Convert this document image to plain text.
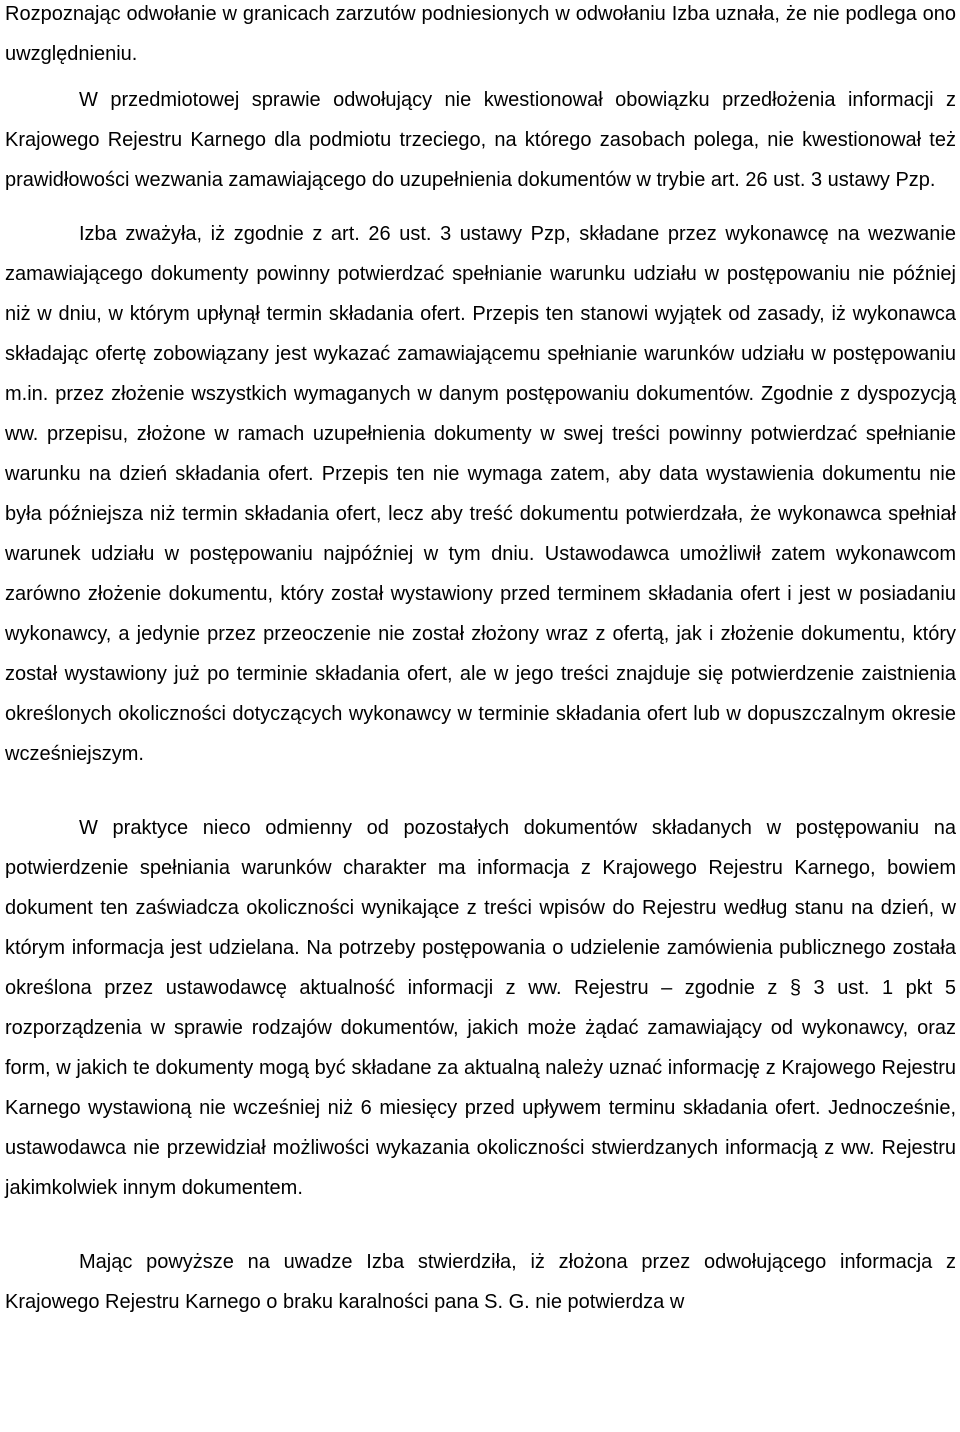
Rozpoznając odwołanie w granicach zarzutów podniesionych w odwołaniu Izba uznała, że nie podlega ono uwzględnieniu.

W przedmiotowej sprawie odwołujący nie kwestionował obowiązku przedłożenia informacji z Krajowego Rejestru Karnego dla podmiotu trzeciego, na którego zasobach polega, nie kwestionował też prawidłowości wezwania zamawiającego do uzupełnienia dokumentów w trybie art. 26 ust. 3 ustawy Pzp.

Izba zważyła, iż zgodnie z art. 26 ust. 3 ustawy Pzp, składane przez wykonawcę na wezwanie zamawiającego dokumenty powinny potwierdzać spełnianie warunku udziału w postępowaniu nie później niż w dniu, w którym upłynął termin składania ofert. Przepis ten stanowi wyjątek od zasady, iż wykonawca składając ofertę zobowiązany jest wykazać zamawiającemu spełnianie warunków udziału w postępowaniu m.in. przez złożenie wszystkich wymaganych w danym postępowaniu dokumentów. Zgodnie z dyspozycją ww. przepisu, złożone w ramach uzupełnienia dokumenty w swej treści powinny potwierdzać spełnianie warunku na dzień składania ofert. Przepis ten nie wymaga zatem, aby data wystawienia dokumentu nie była późniejsza niż termin składania ofert, lecz aby treść dokumentu potwierdzała, że wykonawca spełniał warunek udziału w postępowaniu najpóźniej w tym dniu. Ustawodawca umożliwił zatem wykonawcom zarówno złożenie dokumentu, który został wystawiony przed terminem składania ofert i jest w posiadaniu wykonawcy, a jedynie przez przeoczenie nie został złożony wraz z ofertą, jak i złożenie dokumentu, który został wystawiony już po terminie składania ofert, ale w jego treści znajduje się potwierdzenie zaistnienia określonych okoliczności dotyczących wykonawcy w terminie składania ofert lub w dopuszczalnym okresie wcześniejszym.

W praktyce nieco odmienny od pozostałych dokumentów składanych w postępowaniu na potwierdzenie spełniania warunków charakter ma informacja z Krajowego Rejestru Karnego, bowiem dokument ten zaświadcza okoliczności wynikające z treści wpisów do Rejestru według stanu na dzień, w którym informacja jest udzielana. Na potrzeby postępowania o udzielenie zamówienia publicznego została określona przez ustawodawcę aktualność informacji z ww. Rejestru – zgodnie z § 3 ust. 1 pkt 5 rozporządzenia w sprawie rodzajów dokumentów, jakich może żądać zamawiający od wykonawcy, oraz form, w jakich te dokumenty mogą być składane za aktualną należy uznać informację z Krajowego Rejestru Karnego wystawioną nie wcześniej niż 6 miesięcy przed upływem terminu składania ofert. Jednocześnie, ustawodawca nie przewidział możliwości wykazania okoliczności stwierdzanych informacją z ww. Rejestru jakimkolwiek innym dokumentem.

Mając powyższe na uwadze Izba stwierdziła, iż złożona przez odwołującego informacja z Krajowego Rejestru Karnego o braku karalności pana S. G. nie potwierdza w
